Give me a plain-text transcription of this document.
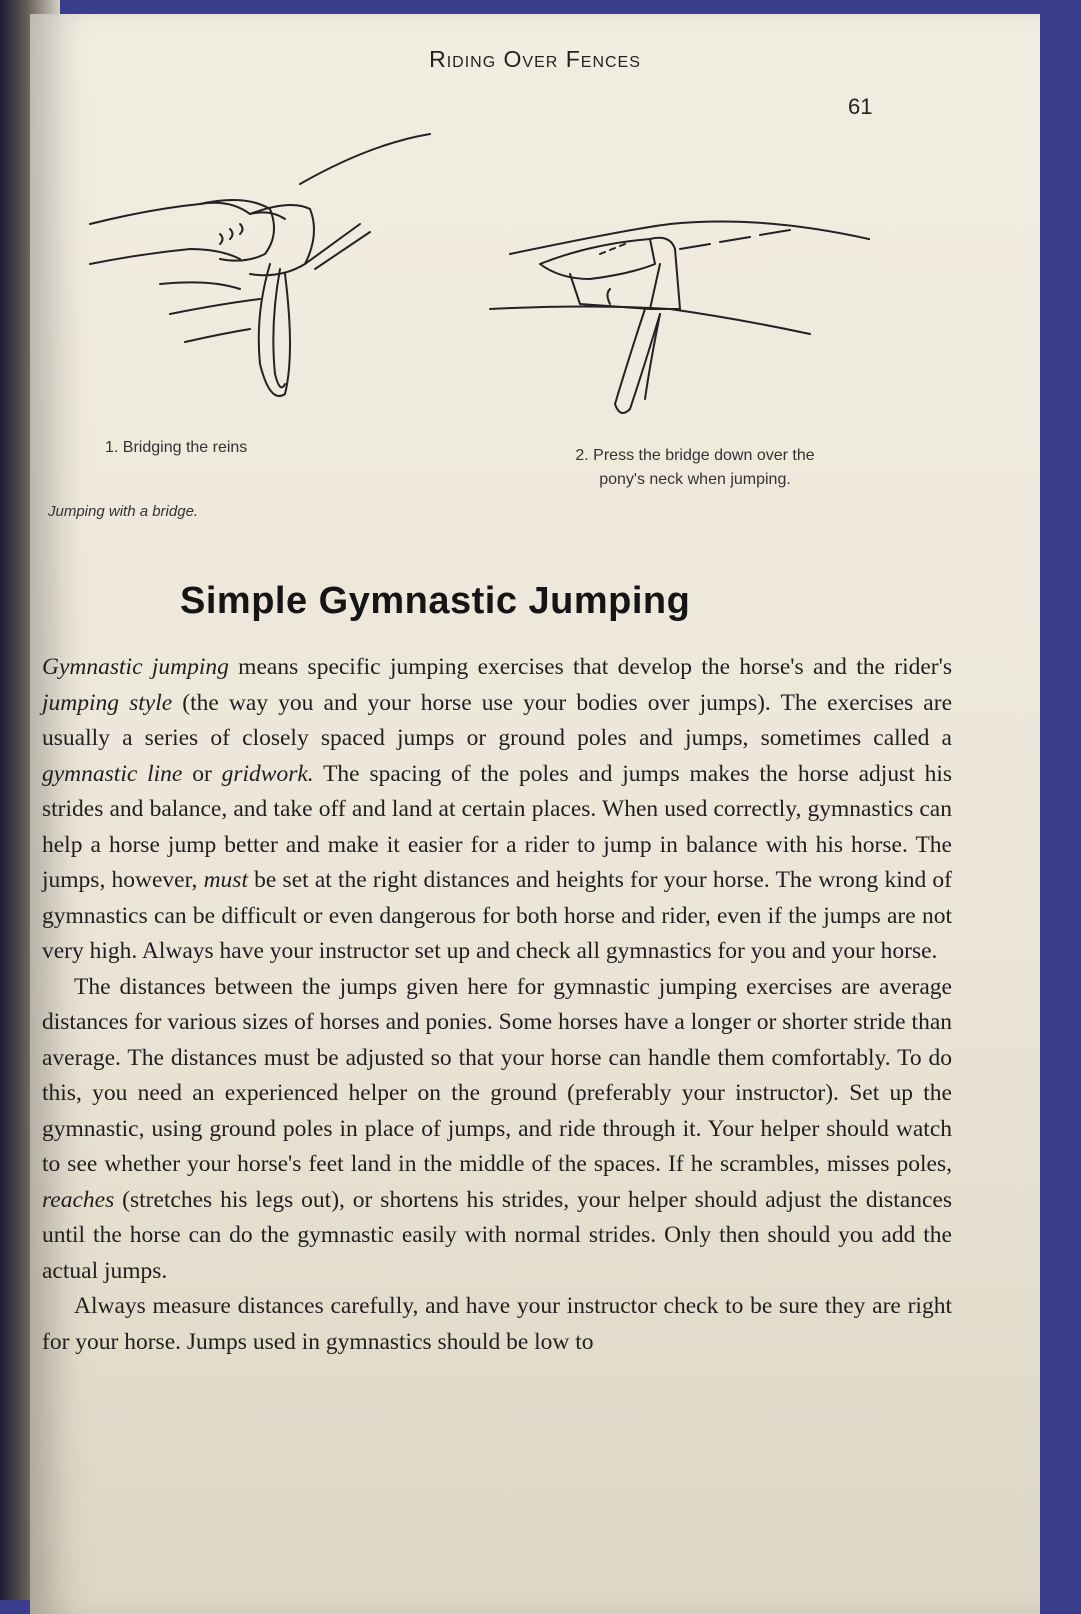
Riding Over Fences
61
1. Bridging the reins	2. Press the bridge down over the
pony's neck when jumping.
Jumping with a bridge.
Simple Gymnastic Jumping

Gymnastic jumping means specific jumping exercises that develop the horse's and the rider's jumping style (the way you and your horse use your bodies over jumps). The exercises are usually a series of closely spaced jumps or ground poles and jumps, sometimes called a gymnastic line or gridwork. The spacing of the poles and jumps makes the horse adjust his strides and balance, and take off and land at certain places. When used correctly, gymnastics can help a horse jump better and make it easier for a rider to jump in balance with his horse. The jumps, however, must be set at the right distances and heights for your horse. The wrong kind of gymnastics can be difficult or even dangerous for both horse and rider, even if the jumps are not very high. Always have your instructor set up and check all gymnastics for you and your horse.

The distances between the jumps given here for gymnastic jumping exercises are average distances for various sizes of horses and ponies. Some horses have a longer or shorter stride than average. The distances must be adjusted so that your horse can handle them comfortably. To do this, you need an experienced helper on the ground (preferably your instructor). Set up the gymnastic, using ground poles in place of jumps, and ride through it. Your helper should watch to see whether your horse's feet land in the middle of the spaces. If he scrambles, misses poles, reaches (stretches his legs out), or shortens his strides, your helper should adjust the distances until the horse can do the gymnastic easily with normal strides. Only then should you add the actual jumps.

Always measure distances carefully, and have your instructor check to be sure they are right for your horse. Jumps used in gymnastics should be low to
